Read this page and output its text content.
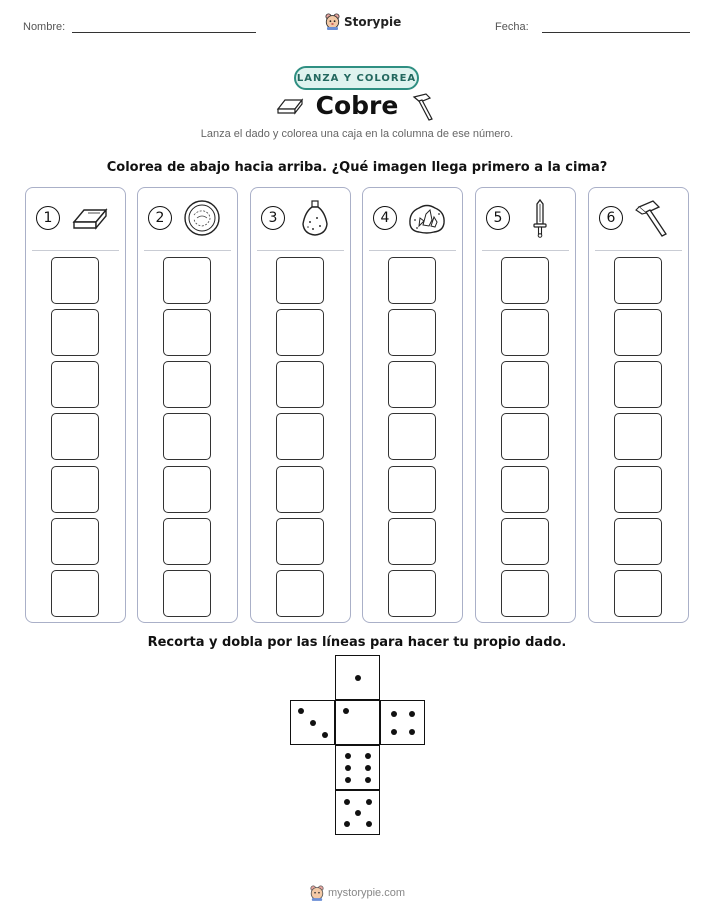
Nombre:	Storypie	Fecha:
LANZA Y COLOREA
Cobre
Lanza el dado y colorea una caja en la columna de ese número.
Colorea de abajo hacia arriba. ¿Qué imagen llega primero a la cima?
1	2	3	4	5	6
Recorta y dobla por las líneas para hacer tu propio dado.
mystorypie.com
